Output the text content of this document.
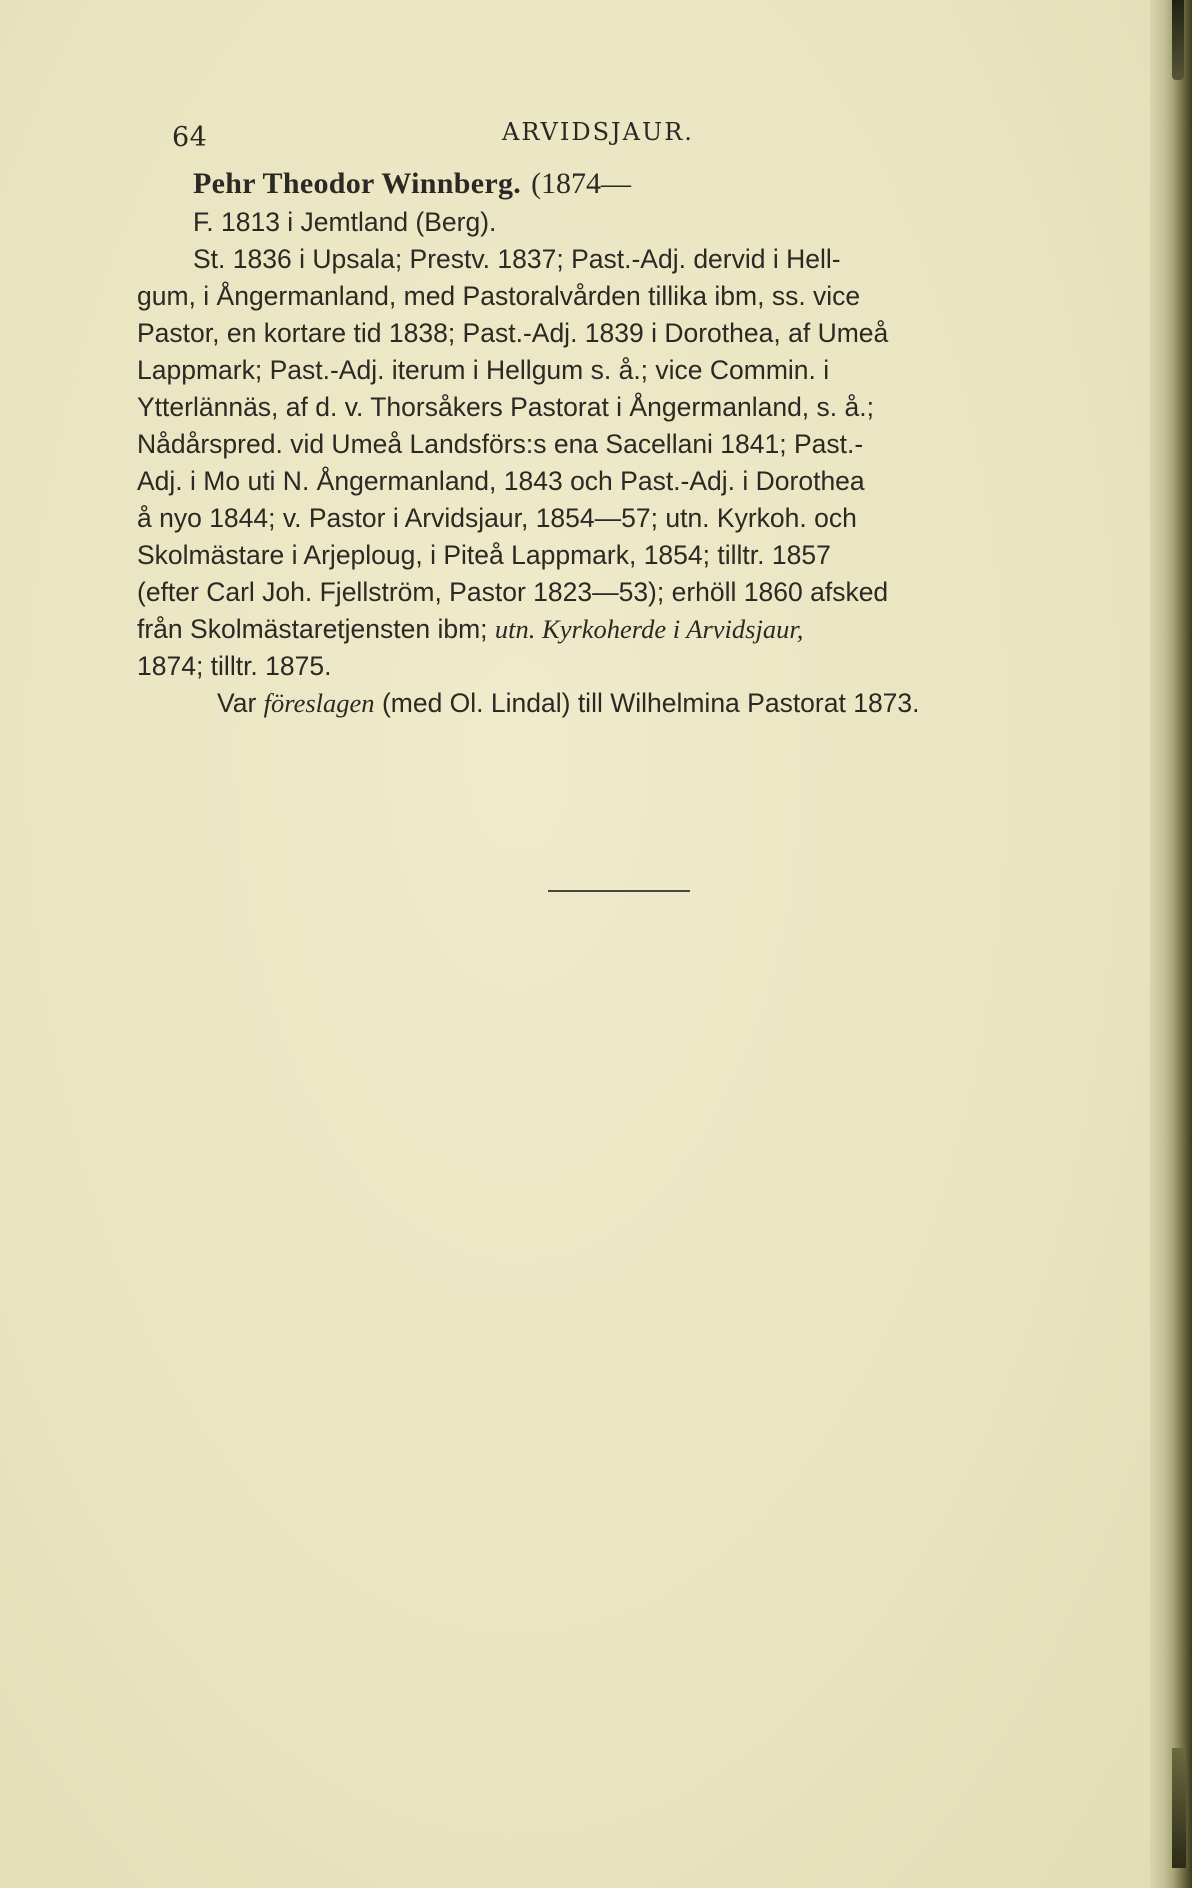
64	ARVIDSJAUR.

Pehr Theodor Winnberg. (1874—

F. 1813 i Jemtland (Berg).

St. 1836 i Upsala; Prestv. 1837; Past.-Adj. dervid i Hell-

gum, i Ångermanland, med Pastoralvården tillika ibm, ss. vice

Pastor, en kortare tid 1838; Past.-Adj. 1839 i Dorothea, af Umeå

Lappmark; Past.-Adj. iterum i Hellgum s. å.; vice Commin. i

Ytterlännäs, af d. v. Thorsåkers Pastorat i Ångermanland, s. å.;

Nådårspred. vid Umeå Landsförs:s ena Sacellani 1841; Past.-

Adj. i Mo uti N. Ångermanland, 1843 och Past.-Adj. i Dorothea

å nyo 1844; v. Pastor i Arvidsjaur, 1854—57; utn. Kyrkoh. och

Skolmästare i Arjeploug, i Piteå Lappmark, 1854; tilltr. 1857

(efter Carl Joh. Fjellström, Pastor 1823—53); erhöll 1860 afsked

från Skolmästaretjensten ibm; utn. Kyrkoherde i Arvidsjaur,

1874; tilltr. 1875.

Var föreslagen (med Ol. Lindal) till Wilhelmina Pastorat 1873.
